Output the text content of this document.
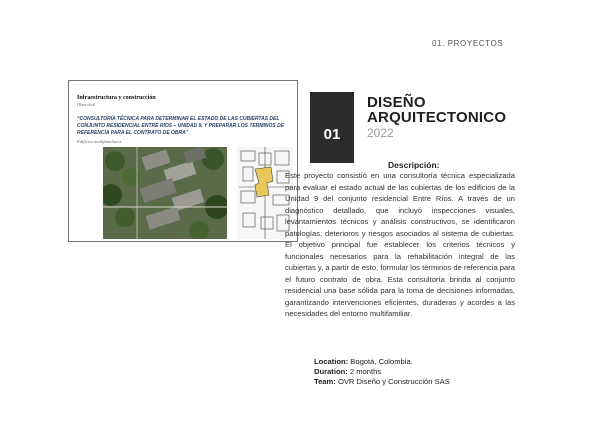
01. PROYECTOS
Infraestructura y construcción
Obra civil
“CONSULTORÍA TÉCNICA PARA DETERMINAR EL ESTADO DE LAS CUBIERTAS DEL CONJUNTO RESIDENCIAL ENTRE RIOS – UNIDAD 9, Y PREPARAR LOS TERMINOS DE REFERENCIA PARA EL CONTRATO DE OBRA”
Edificios multifamiliares	01
DISEÑO ARQUITECTONICO
2022
Descripción:
Este proyecto consistió en una consultoría técnica especializada para evaluar el estado actual de las cubiertas de los edificios de la Unidad 9 del conjunto residencial Entre Ríos. A través de un diagnóstico detallado, que incluyó inspecciones visuales, levantamientos técnicos y análisis constructivos, se identificaron patologías, deterioros y riesgos asociados al sistema de cubiertas. El objetivo principal fue establecer los criterios técnicos y funcionales necesarios para la rehabilitación integral de las cubiertas y, a partir de esto, formular los términos de referencia para el futuro contrato de obra. Esta consultoría brinda al conjunto residencial una base sólida para la toma de decisiones informadas, garantizando intervenciones eficientes, duraderas y acordes a las necesidades del entorno multifamiliar.
Location: Bogotá, Colombia.
Duration: 2 months
Team: OVR Diseño y Construcción SAS
